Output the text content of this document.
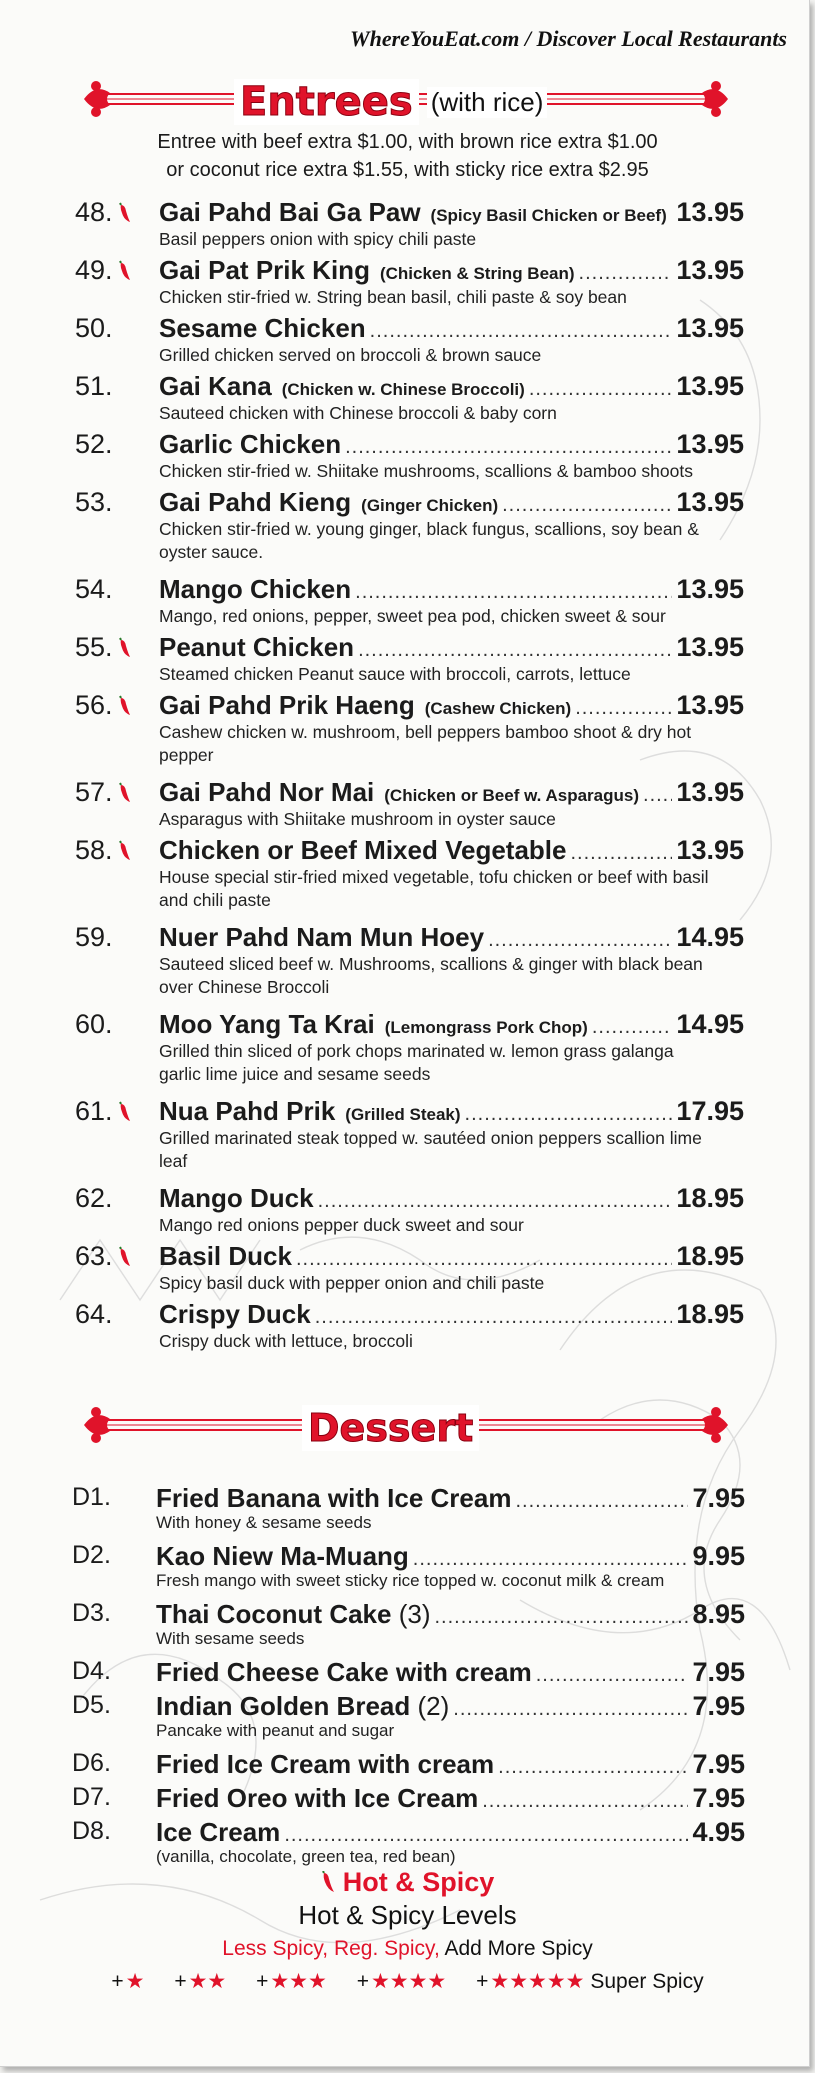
WhereYouEat.com / Discover Local Restaurants
Entrees (with rice)
Entree with beef extra $1.00, with brown rice extra $1.00
or coconut rice extra $1.55, with sticky rice extra $2.95
48. Gai Pahd Bai Ga Paw (Spicy Basil Chicken or Beef) ..... 13.95
Basil peppers onion with spicy chili paste
49. Gai Pat Prik King (Chicken & String Bean) .....	13.95
Chicken stir-fried w. String bean basil, chili paste & soy bean
50. Sesame Chicken .....	13.95
Grilled chicken served on broccoli & brown sauce
51. Gai Kana (Chicken w. Chinese Broccoli) .....	13.95
Sauteed chicken with Chinese broccoli & baby corn
52. Garlic Chicken .....	13.95
Chicken stir-fried w. Shiitake mushrooms, scallions & bamboo shoots
53. Gai Pahd Kieng (Ginger Chicken) .....	13.95
Chicken stir-fried w. young ginger, black fungus, scallions, soy bean & oyster sauce.
54. Mango Chicken .....	13.95
Mango, red onions, pepper, sweet pea pod, chicken sweet & sour
55. Peanut Chicken .....	13.95
Steamed chicken Peanut sauce with broccoli, carrots, lettuce
56. Gai Pahd Prik Haeng (Cashew Chicken) .....	13.95
Cashew chicken w. mushroom, bell peppers bamboo shoot & dry hot pepper
57. Gai Pahd Nor Mai (Chicken or Beef w. Asparagus) ..... 13.95
Asparagus with Shiitake mushroom in oyster sauce
58. Chicken or Beef Mixed Vegetable .....	13.95
House special stir-fried mixed vegetable, tofu chicken or beef with basil and chili paste
59. Nuer Pahd Nam Mun Hoey .....	14.95
Sauteed sliced beef w. Mushrooms, scallions & ginger with black bean over Chinese Broccoli
60. Moo Yang Ta Krai (Lemongrass Pork Chop) .....	14.95
Grilled thin sliced of pork chops marinated w. lemon grass galanga garlic lime juice and sesame seeds
61. Nua Pahd Prik (Grilled Steak) .....	17.95
Grilled marinated steak topped w. sautéed onion peppers scallion lime leaf
62. Mango Duck .....	18.95
Mango red onions pepper duck sweet and sour
63. Basil Duck .....	18.95
Spicy basil duck with pepper onion and chili paste
64. Crispy Duck .....	18.95
Crispy duck with lettuce, broccoli
Dessert
D1. Fried Banana with Ice Cream .....	7.95
With honey & sesame seeds
D2. Kao Niew Ma-Muang .....	9.95
Fresh mango with sweet sticky rice topped w. coconut milk & cream
D3. Thai Coconut Cake (3) .....	8.95
With sesame seeds
D4. Fried Cheese Cake with cream .....	7.95
D5. Indian Golden Bread (2) .....	7.95
Pancake with peanut and sugar
D6. Fried Ice Cream with cream .....	7.95
D7. Fried Oreo with Ice Cream .....	7.95
D8. Ice Cream .....	4.95
(vanilla, chocolate, green tea, red bean)
Hot & Spicy
Hot & Spicy Levels
Less Spicy, Reg. Spicy, Add More Spicy
+★ +★★ +★★★ +★★★★ +★★★★★ Super Spicy
